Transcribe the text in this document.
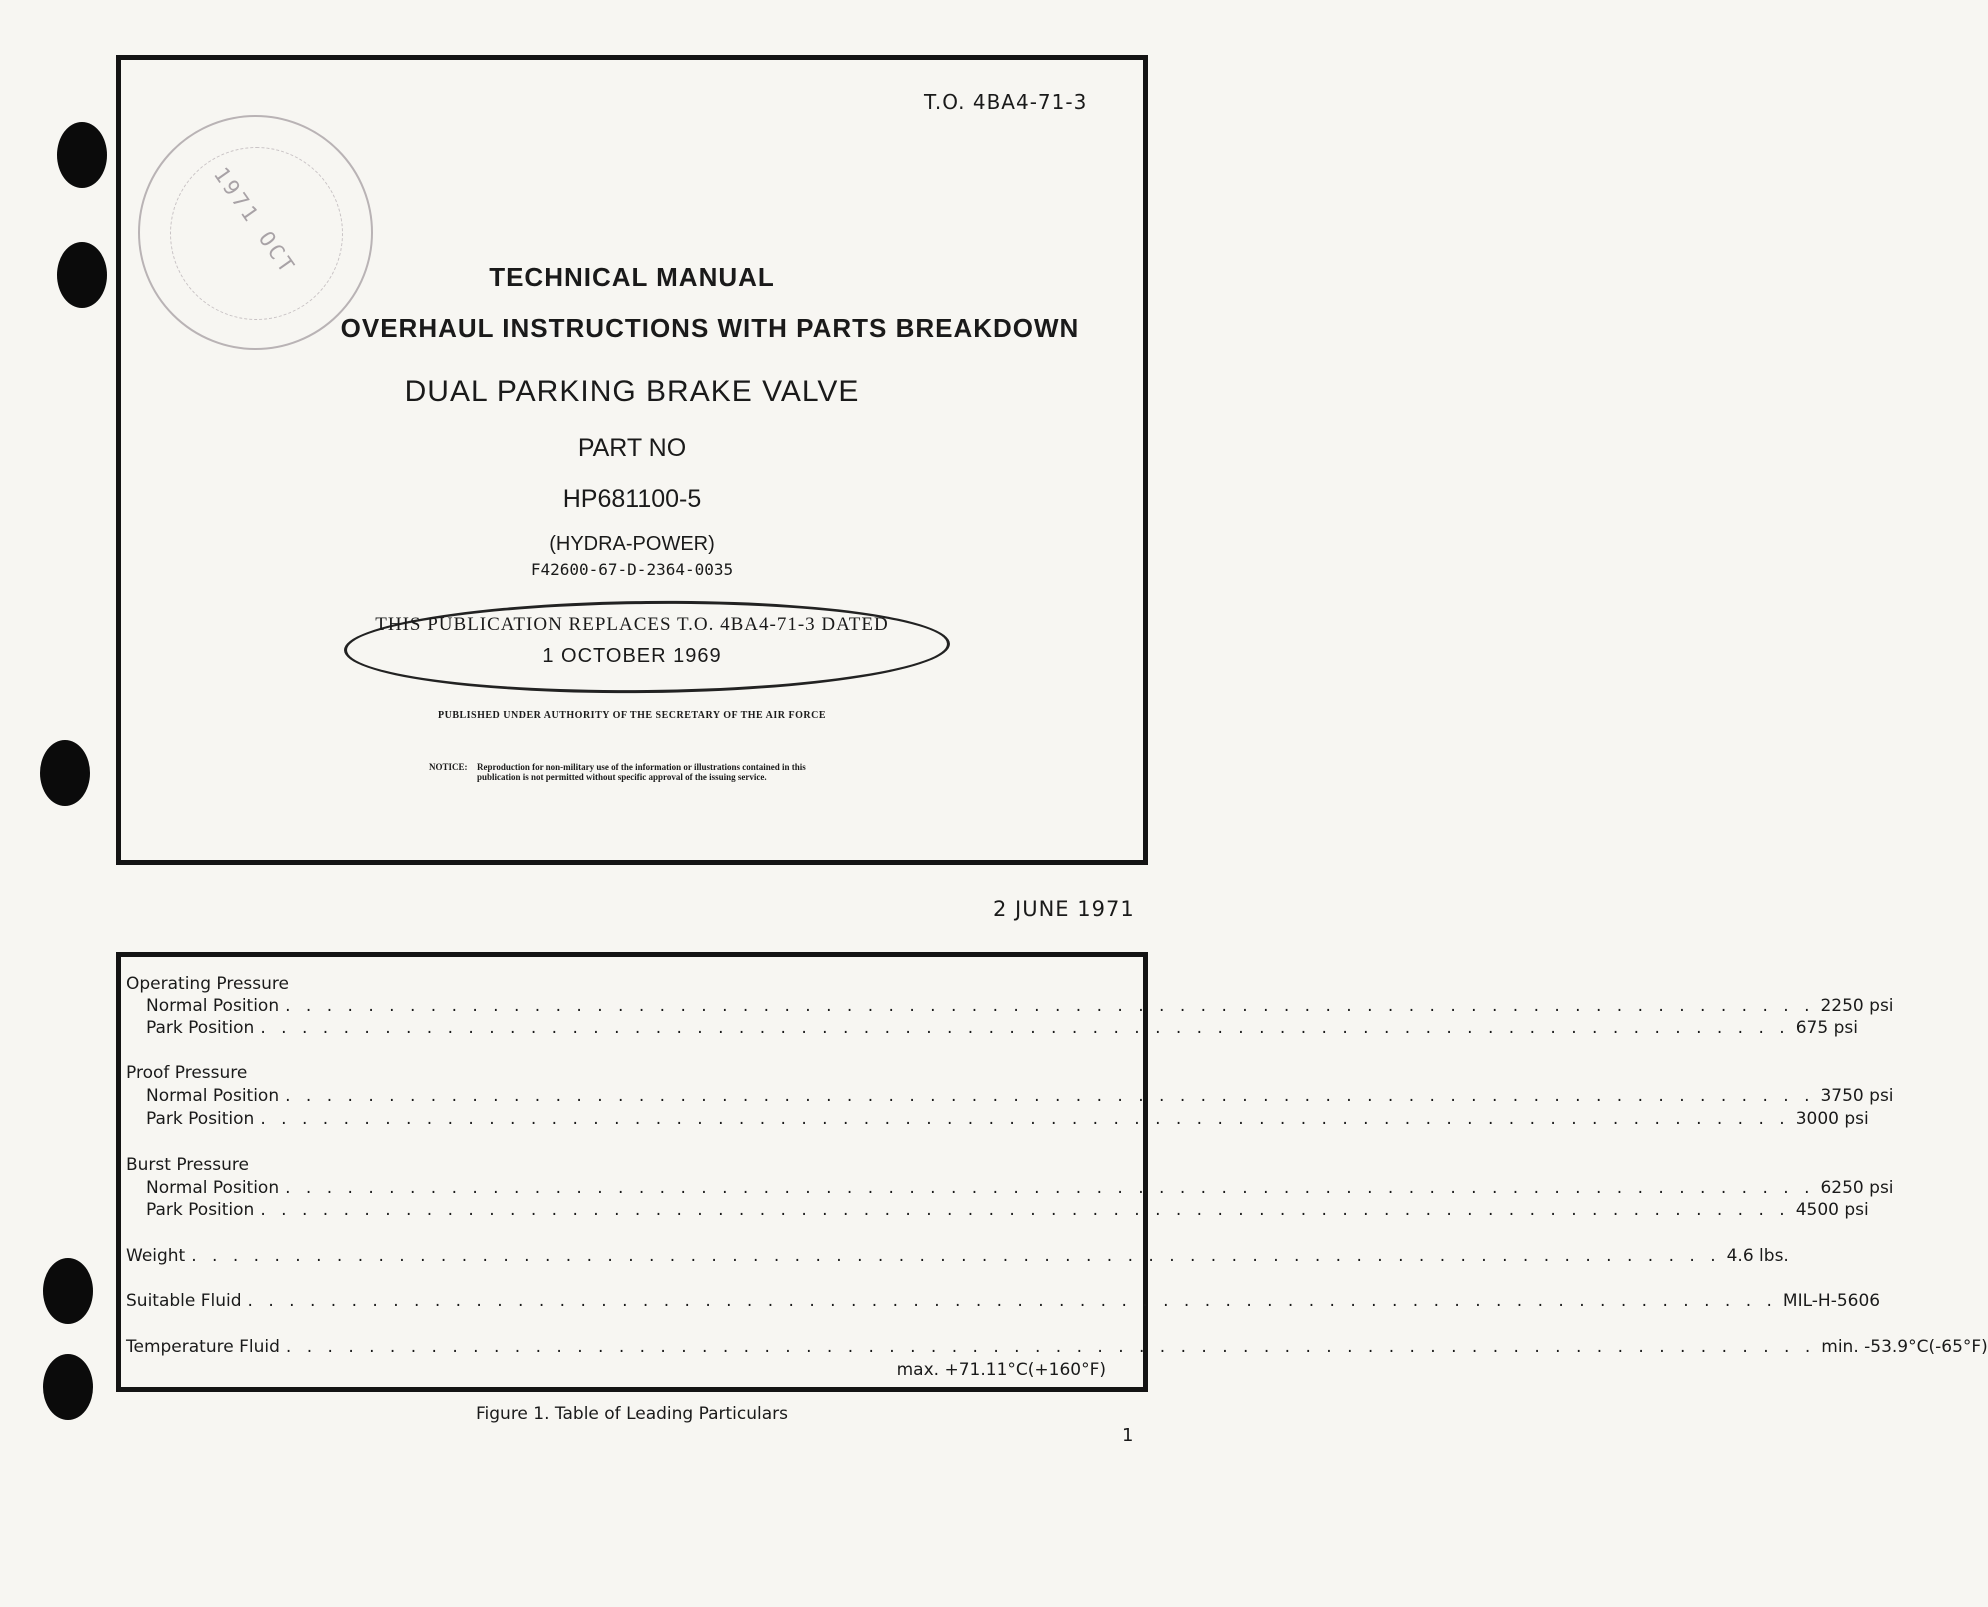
T.O. 4BA4-71-3
1971 OCT	TECHNICAL MANUAL
OVERHAUL INSTRUCTIONS WITH PARTS BREAKDOWN
DUAL PARKING BRAKE VALVE
PART NO
HP681100-5
(HYDRA-POWER)
F42600-67-D-2364-0035
THIS PUBLICATION REPLACES T.O. 4BA4-71-3 DATED
1 OCTOBER 1969
PUBLISHED UNDER AUTHORITY OF THE SECRETARY OF THE AIR FORCE
NOTICE: Reproduction for non-military use of the information or illustrations contained in this publication is not permitted without specific approval of the issuing service.
2 JUNE 1971
Operating Pressure
Normal Position . . . . . . . . . . . . . . . . . . . . . . . . . . . . . . . . . . . . . . . . . . . . . . . . . . . . . . . . . . . . . . . . . . . . . . . . . . 2250 psi
Park Position . . . . . . . . . . . . . . . . . . . . . . . . . . . . . . . . . . . . . . . . . . . . . . . . . . . . . . . . . . . . . . . . . . . . . . . . . . 675 psi
Proof Pressure
Normal Position . . . . . . . . . . . . . . . . . . . . . . . . . . . . . . . . . . . . . . . . . . . . . . . . . . . . . . . . . . . . . . . . . . . . . . . . . . 3750 psi
Park Position . . . . . . . . . . . . . . . . . . . . . . . . . . . . . . . . . . . . . . . . . . . . . . . . . . . . . . . . . . . . . . . . . . . . . . . . . . 3000 psi
Burst Pressure
Normal Position . . . . . . . . . . . . . . . . . . . . . . . . . . . . . . . . . . . . . . . . . . . . . . . . . . . . . . . . . . . . . . . . . . . . . . . . . . 6250 psi
Park Position . . . . . . . . . . . . . . . . . . . . . . . . . . . . . . . . . . . . . . . . . . . . . . . . . . . . . . . . . . . . . . . . . . . . . . . . . . 4500 psi
Weight . . . . . . . . . . . . . . . . . . . . . . . . . . . . . . . . . . . . . . . . . . . . . . . . . . . . . . . . . . . . . . . . . . . . . . . . . . 4.6 lbs.
Suitable Fluid . . . . . . . . . . . . . . . . . . . . . . . . . . . . . . . . . . . . . . . . . . . . . . . . . . . . . . . . . . . . . . . . . . . . . . . . . . MIL-H-5606
Temperature Fluid . . . . . . . . . . . . . . . . . . . . . . . . . . . . . . . . . . . . . . . . . . . . . . . . . . . . . . . . . . . . . . . . . . . . . . . . . . min. -53.9°C(-65°F)
max. +71.11°C(+160°F)
Figure 1. Table of Leading Particulars
1
